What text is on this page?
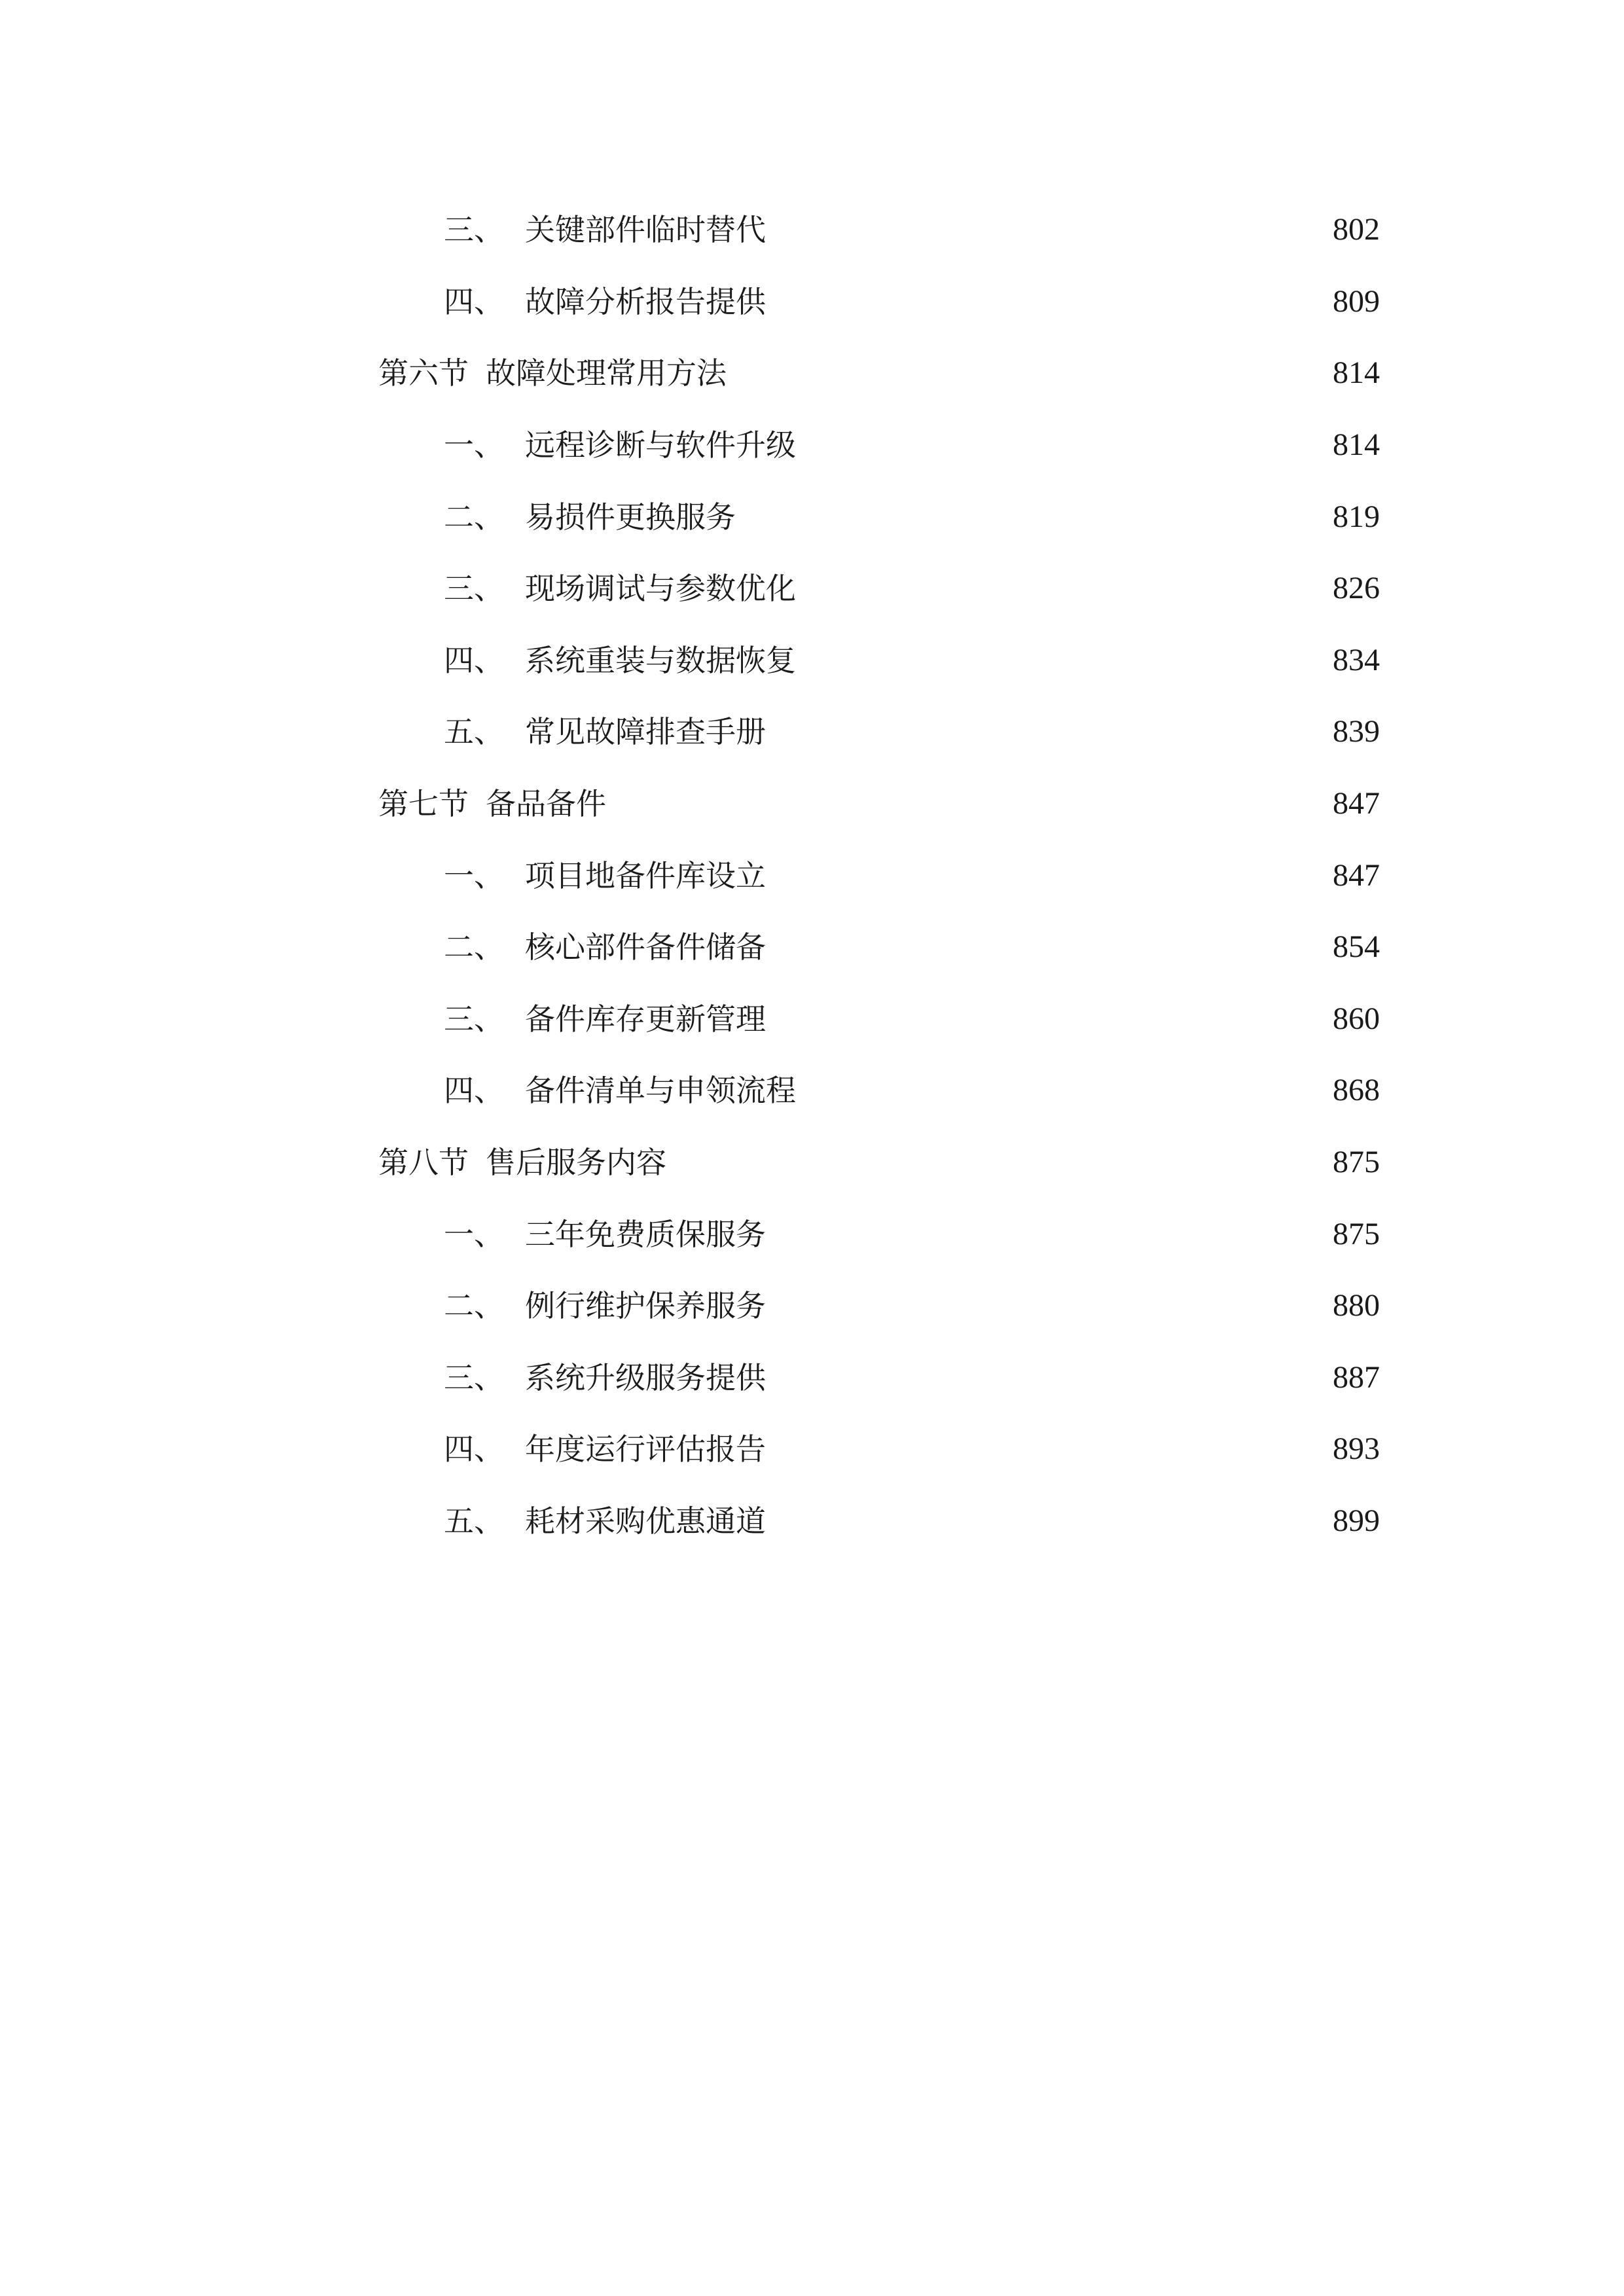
三、 关键部件临时替代	802
四、 故障分析报告提供	809
第六节 故障处理常用方法	814
一、 远程诊断与软件升级	814
二、 易损件更换服务	819
三、 现场调试与参数优化	826
四、 系统重装与数据恢复	834
五、 常见故障排查手册	839
第七节 备品备件	847
一、 项目地备件库设立	847
二、 核心部件备件储备	854
三、 备件库存更新管理	860
四、 备件清单与申领流程	868
第八节 售后服务内容	875
一、 三年免费质保服务	875
二、 例行维护保养服务	880
三、 系统升级服务提供	887
四、 年度运行评估报告	893
五、 耗材采购优惠通道	899
